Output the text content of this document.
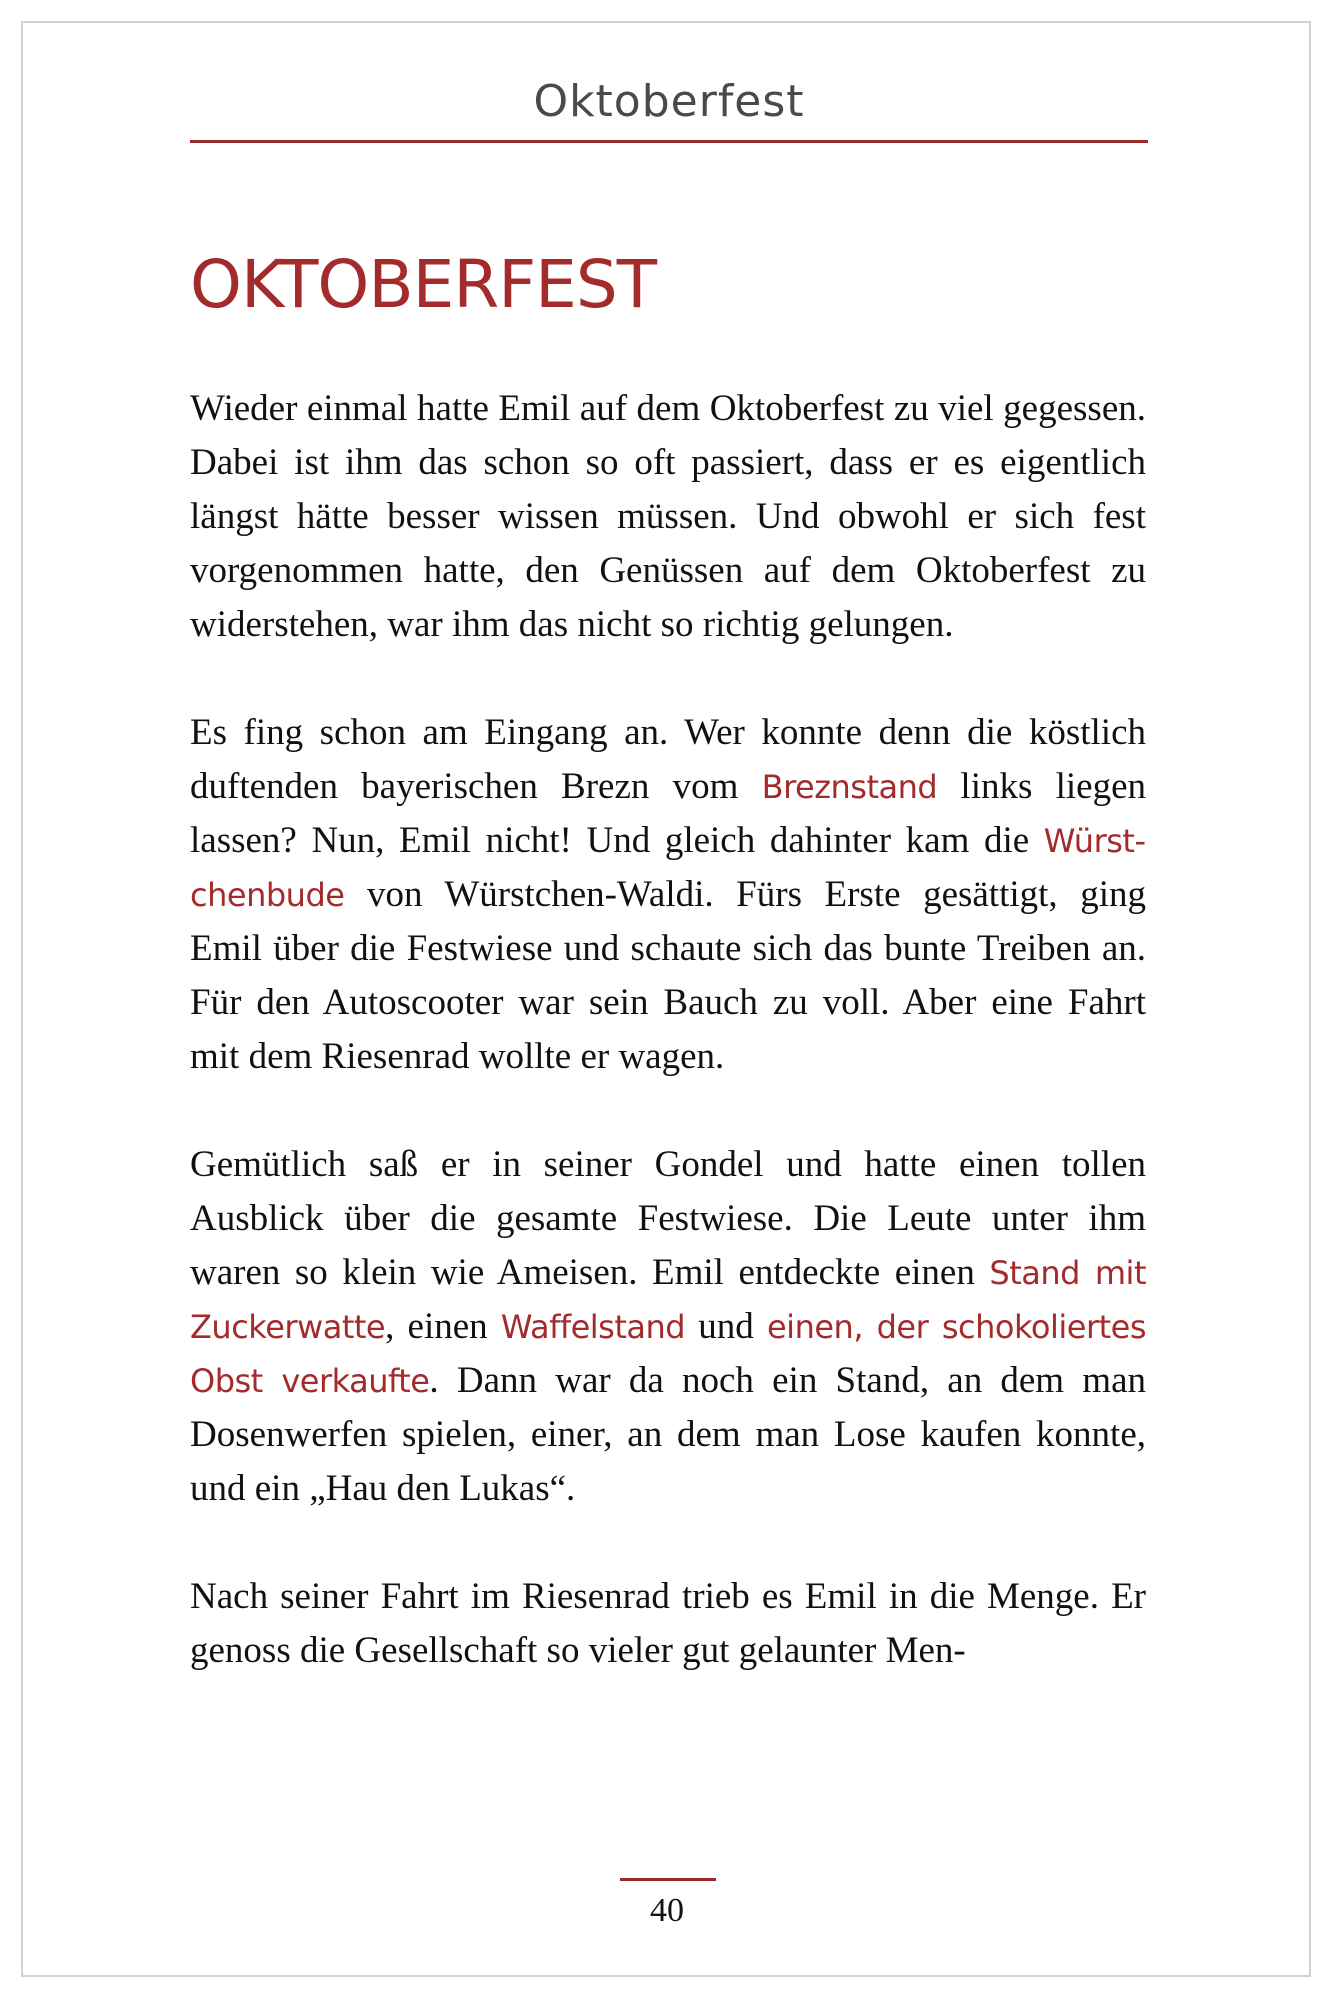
Oktoberfest
OKTOBERFEST

Wieder einmal hatte Emil auf dem Oktoberfest zu viel gegessen. Dabei ist ihm das schon so oft passiert, dass er es eigentlich längst hätte besser wissen müssen. Und obwohl er sich fest vorgenommen hatte, den Genüssen auf dem Oktoberfest zu widerstehen, war ihm das nicht so richtig gelungen.

Es fing schon am Eingang an. Wer konnte denn die köstlich duftenden bayerischen Brezn vom Breznstand links liegen lassen? Nun, Emil nicht! Und gleich dahinter kam die Würstchenbude von Würstchen-Waldi. Fürs Erste gesättigt, ging Emil über die Festwiese und schaute sich das bunte Treiben an. Für den Autoscooter war sein Bauch zu voll. Aber eine Fahrt mit dem Riesenrad wollte er wagen.

Gemütlich saß er in seiner Gondel und hatte einen tollen Ausblick über die gesamte Festwiese. Die Leute unter ihm waren so klein wie Ameisen. Emil entdeckte einen Stand mit Zuckerwatte, einen Waffelstand und einen, der schokoliertes Obst verkaufte. Dann war da noch ein Stand, an dem man Dosenwerfen spielen, einer, an dem man Lose kaufen konnte, und ein „Hau den Lukas“.

Nach seiner Fahrt im Riesenrad trieb es Emil in die Menge. Er genoss die Gesellschaft so vieler gut gelaunter Men-

40
